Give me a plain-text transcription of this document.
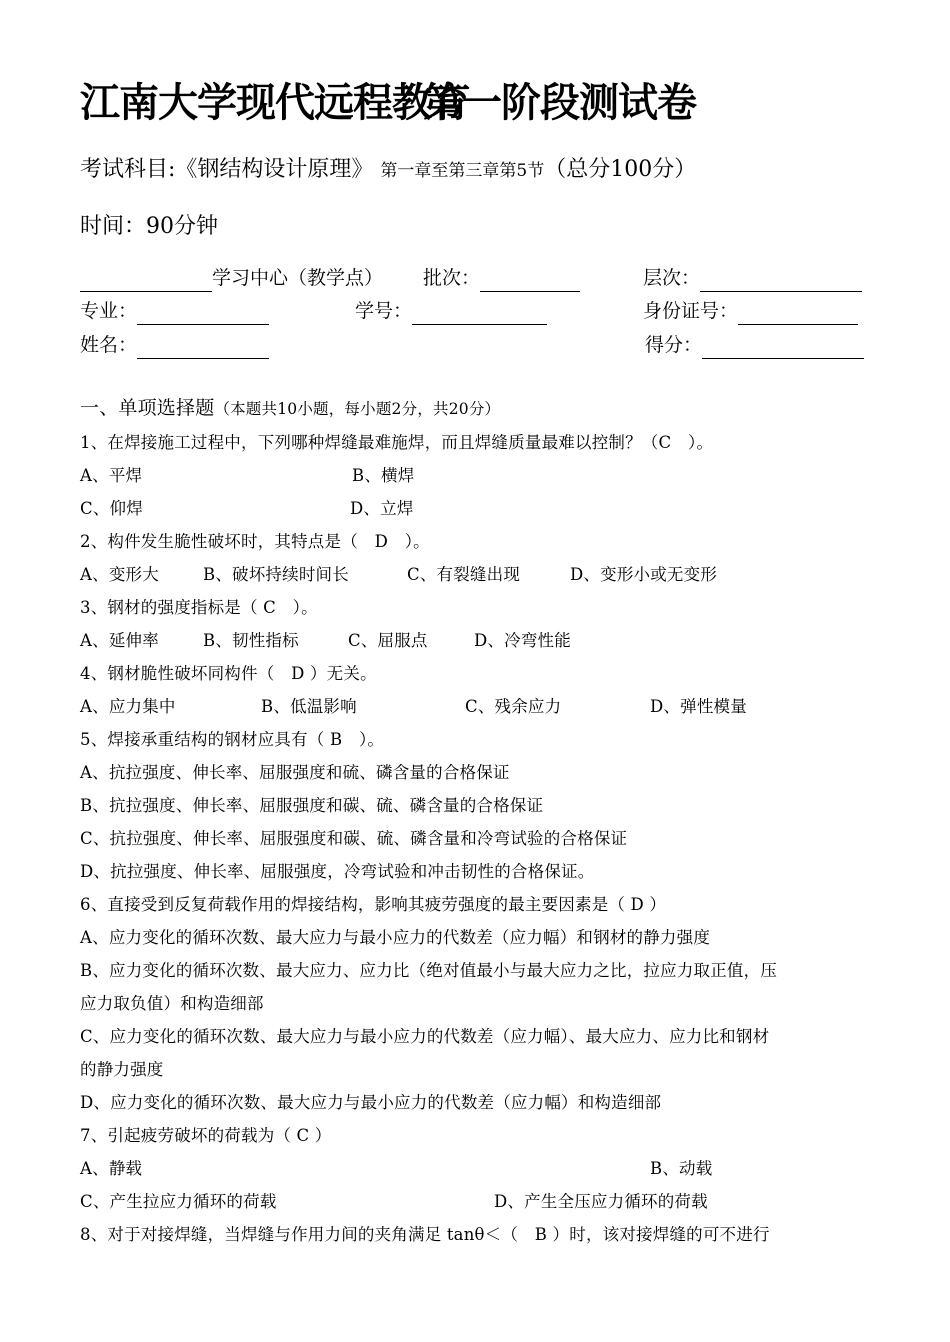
江南大学现代远程教育
第一阶段测试卷
考试科目:《钢结构设计原理》 第一章至第三章第5节（总分100分）
时间：90分钟
学习中心（教学点） 批次：	层次：
专业：	学号：	身份证号：
姓名：	得分：
一、单项选择题（本题共10小题，每小题2分，共20分）
1、在焊接施工过程中，下列哪种焊缝最难施焊，而且焊缝质量最难以控制？（C　）。
A、平焊	B、横焊
C、仰焊	D、立焊
2、构件发生脆性破坏时，其特点是（　D　）。
A、变形大	B、破坏持续时间长	C、有裂缝出现	D、变形小或无变形
3、钢材的强度指标是（ C　）。
A、延伸率	B、韧性指标	C、屈服点	D、冷弯性能
4、钢材脆性破坏同构件（　D ）无关。
A、应力集中	B、低温影响	C、残余应力	D、弹性模量
5、焊接承重结构的钢材应具有（ B　）。
A、抗拉强度、伸长率、屈服强度和硫、磷含量的合格保证
B、抗拉强度、伸长率、屈服强度和碳、硫、磷含量的合格保证
C、抗拉强度、伸长率、屈服强度和碳、硫、磷含量和冷弯试验的合格保证
D、抗拉强度、伸长率、屈服强度，冷弯试验和冲击韧性的合格保证。
6、直接受到反复荷载作用的焊接结构，影响其疲劳强度的最主要因素是（ D ）
A、应力变化的循环次数、最大应力与最小应力的代数差（应力幅）和钢材的静力强度
B、应力变化的循环次数、最大应力、应力比（绝对值最小与最大应力之比，拉应力取正值，压
应力取负值）和构造细部
C、应力变化的循环次数、最大应力与最小应力的代数差（应力幅）、最大应力、应力比和钢材
的静力强度
D、应力变化的循环次数、最大应力与最小应力的代数差（应力幅）和构造细部
7、引起疲劳破坏的荷载为（ C ）
A、静载	B、动载
C、产生拉应力循环的荷载	D、产生全压应力循环的荷载
8、对于对接焊缝，当焊缝与作用力间的夹角满足 tanθ＜（　B ）时，该对接焊缝的可不进行
